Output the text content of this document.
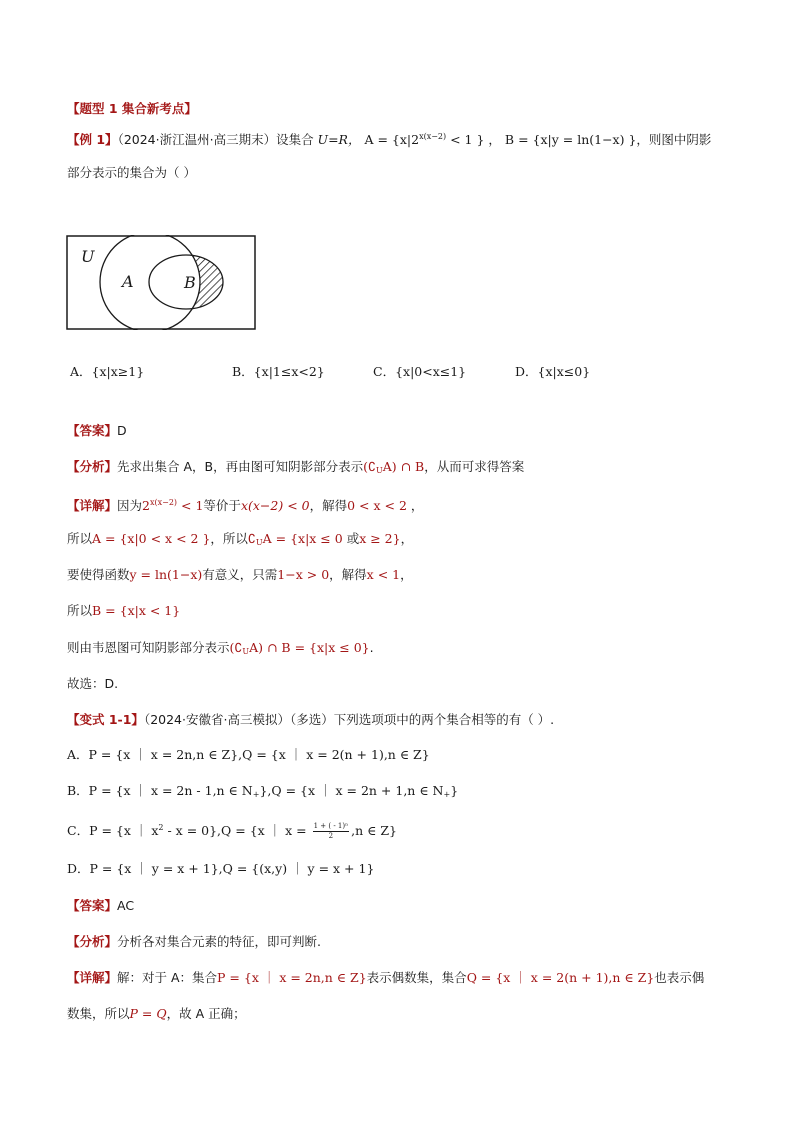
【题型 1 集合新考点】
【例 1】（2024·浙江温州·高三期末）设集合 U=R， $A = \{x|2^{x(x-2)} < 1$ } ， B = {x|y = ln(1−x) }，则图中阴影
部分表示的集合为（ ）
U
A	B
A．{x|x≥1}	B．{x|1≤x<2}	C．{x|0<x≤1}	D．{x|x≤0}
【答案】D
【分析】先求出集合 A，B，再由图可知阴影部分表示$(∁_UA)$ ∩ B，从而可求得答案
【详解】因为$2^{x(x-2)} < 1$等价于x(x−2) < 0，解得0 < x < 2 ，
所以A = {x|0 < x < 2 }，所以$∁_UA = \{x|x \le 0$ 或x ≥ 2}，
要使得函数y = ln(1−x)有意义，只需1−x > 0，解得x < 1，
所以B = {x|x < 1}
则由韦恩图可知阴影部分表示$(∁_UA)$ ∩ B = {x|x ≤ 0}.
故选：D.
【变式 1-1】（2024·安徽省·高三模拟）（多选）下列选项项中的两个集合相等的有（ ）.
A．P = {x ｜ x = 2n,n ∈ Z},Q = {x ｜ x = 2(n + 1),n ∈ Z}
B．P = {x ｜ x = 2n - 1,n ∈ $N_+\},Q = \{x$ ｜ x = 2n + 1,n ∈ $N_+$}
C．P = {x ｜ $x^2 - x = 0\},Q = \{x$ ｜ $x = \frac{\text{1 + ( - 1)ⁿ}}{2} ,n$ ∈ Z}
D．P = {x ｜ y = x + 1},Q = {(x,y) ｜ y = x + 1}
【答案】AC
【分析】分析各对集合元素的特征，即可判断.
【详解】解：对于 A：集合P = {x ｜ x = 2n,n ∈ Z}表示偶数集，集合Q = {x ｜ x = 2(n + 1),n ∈ Z}也表示偶
数集，所以P = Q，故 A 正确；
